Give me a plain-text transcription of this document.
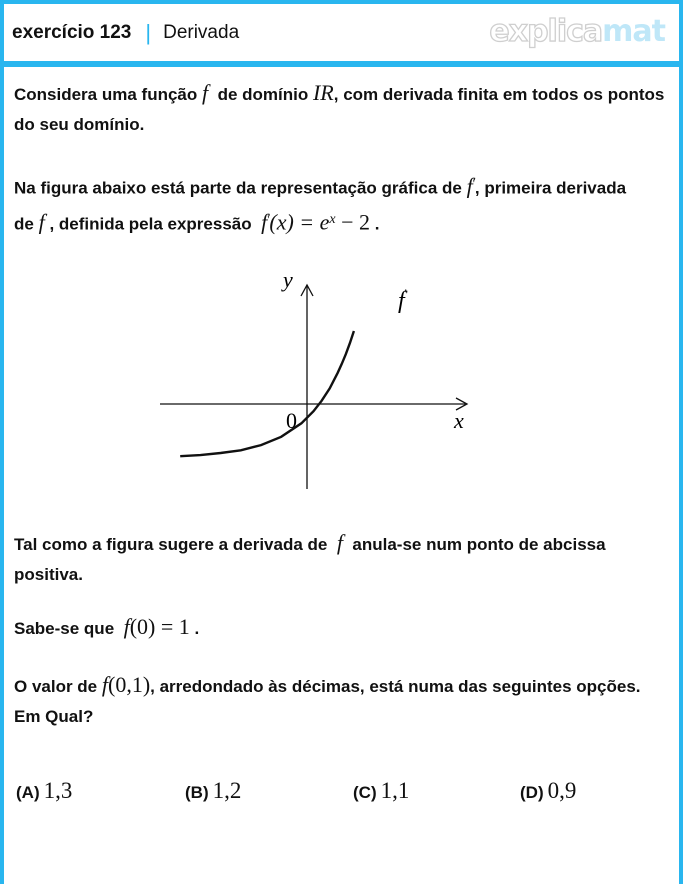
exercício 123 | Derivada	explicamat
Considera uma função f de domínio IR, com derivada finita em todos os pontos do seu domínio.
Na figura abaixo está parte da representação gráfica de f', primeira derivada de f , definida pela expressão $f'(x) = e^x - 2$ .
y
x
0
f'
Tal como a figura sugere a derivada de f anula-se num ponto de abcissa positiva.
Sabe-se que f(0) = 1 .
O valor de f(0,1), arredondado às décimas, está numa das seguintes opções. Em Qual?
(A) 1,3	(B) 1,2	(C) 1,1	(D) 0,9
